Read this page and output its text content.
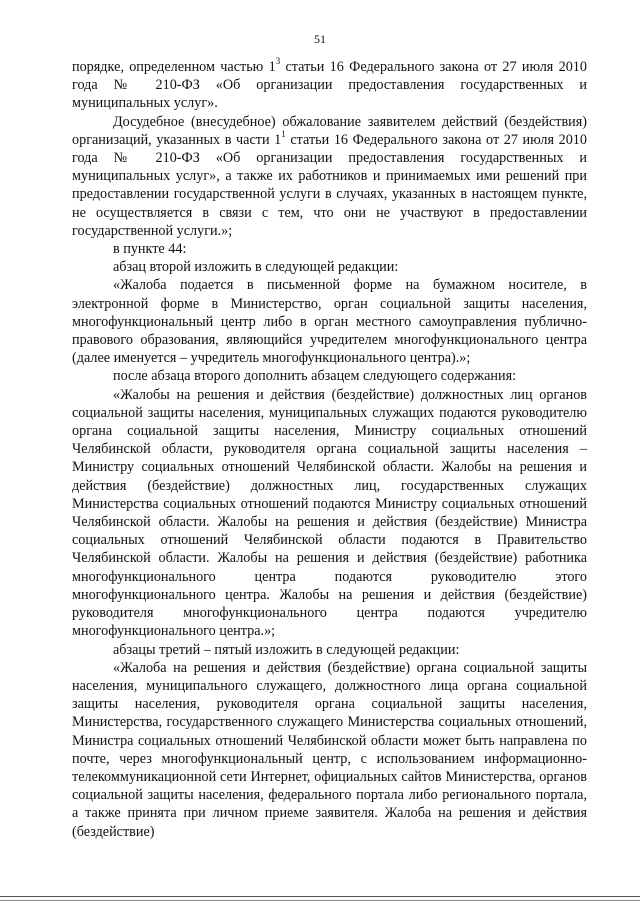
51

порядке, определенном частью $1^3$ статьи 16 Федерального закона от 27 июля 2010 года № 210-ФЗ «Об организации предоставления государственных и муниципальных услуг».

Досудебное (внесудебное) обжалование заявителем действий (бездействия) организаций, указанных в части $1^1$ статьи 16 Федерального закона от 27 июля 2010 года № 210-ФЗ «Об организации предоставления государственных и муниципальных услуг», а также их работников и принимаемых ими решений при предоставлении государственной услуги в случаях, указанных в настоящем пункте, не осуществляется в связи с тем, что они не участвуют в предоставлении государственной услуги.»;

в пункте 44:

абзац второй изложить в следующей редакции:

«Жалоба подается в письменной форме на бумажном носителе, в электронной форме в Министерство, орган социальной защиты населения, многофункциональный центр либо в орган местного самоуправления публично-правового образования, являющийся учредителем многофункционального центра (далее именуется – учредитель многофункционального центра).»;

после абзаца второго дополнить абзацем следующего содержания:

«Жалобы на решения и действия (бездействие) должностных лиц органов социальной защиты населения, муниципальных служащих подаются руководителю органа социальной защиты населения, Министру социальных отношений Челябинской области, руководителя органа социальной защиты населения – Министру социальных отношений Челябинской области. Жалобы на решения и действия (бездействие) должностных лиц, государственных служащих Министерства социальных отношений подаются Министру социальных отношений Челябинской области. Жалобы на решения и действия (бездействие) Министра социальных отношений Челябинской области подаются в Правительство Челябинской области. Жалобы на решения и действия (бездействие) работника многофункционального центра подаются руководителю этого многофункционального центра. Жалобы на решения и действия (бездействие) руководителя многофункционального центра подаются учредителю многофункционального центра.»;

абзацы третий – пятый изложить в следующей редакции:

«Жалоба на решения и действия (бездействие) органа социальной защиты населения, муниципального служащего, должностного лица органа социальной защиты населения, руководителя органа социальной защиты населения, Министерства, государственного служащего Министерства социальных отношений, Министра социальных отношений Челябинской области может быть направлена по почте, через многофункциональный центр, с использованием информационно-телекоммуникационной сети Интернет, официальных сайтов Министерства, органов социальной защиты населения, федерального портала либо регионального портала, а также принята при личном приеме заявителя. Жалоба на решения и действия (бездействие)
